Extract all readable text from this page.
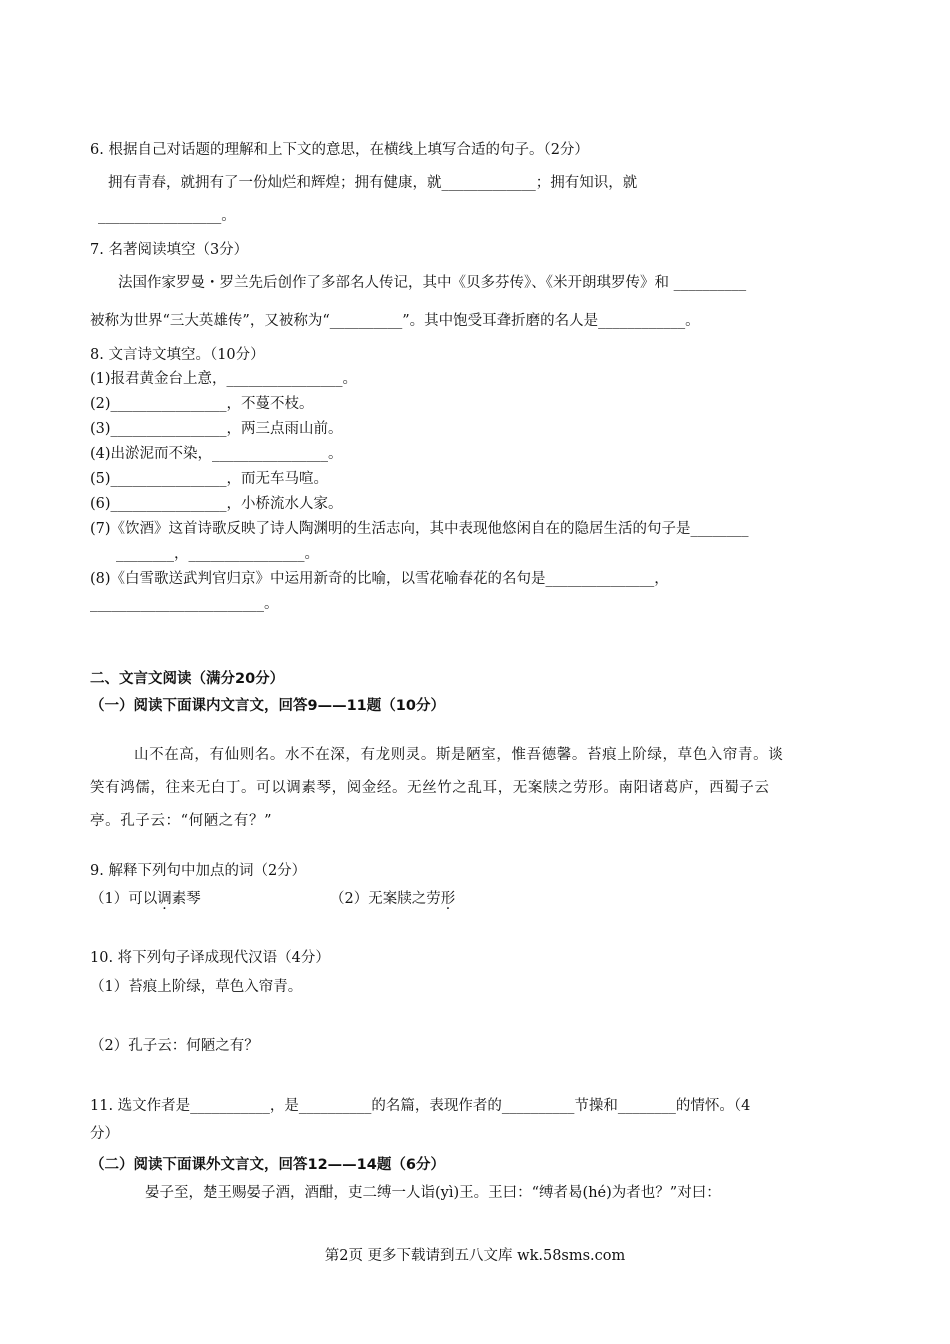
6. 根据自己对话题的理解和上下文的意思，在横线上填写合适的句子。（2分）
拥有青春，就拥有了一份灿烂和辉煌；拥有健康，就_____________；拥有知识，就
_________________。
7. 名著阅读填空（3分）
法国作家罗曼・罗兰先后创作了多部名人传记，其中《贝多芬传》、《米开朗琪罗传》和 __________
被称为世界“三大英雄传”，又被称为“__________”。其中饱受耳聋折磨的名人是____________。
8. 文言诗文填空。（10分）
(1)报君黄金台上意，________________。
(2)________________，不蔓不枝。
(3)________________，两三点雨山前。
(4)出淤泥而不染，________________。
(5)________________，而无车马喧。
(6)________________，小桥流水人家。
(7)《饮酒》这首诗歌反映了诗人陶渊明的生活志向，其中表现他悠闲自在的隐居生活的句子是________
________，________________。
(8)《白雪歌送武判官归京》中运用新奇的比喻，以雪花喻春花的名句是_______________，
________________________。
二、文言文阅读（满分20分）
（一）阅读下面课内文言文，回答9——11题（10分）
山不在高，有仙则名。水不在深，有龙则灵。斯是陋室，惟吾德馨。苔痕上阶绿，草色入帘青。谈
笑有鸿儒，往来无白丁。可以调素琴，阅金经。无丝竹之乱耳，无案牍之劳形。南阳诸葛庐，西蜀子云
亭。孔子云：“何陋之有？”
9. 解释下列句中加点的词（2分）
（1）可以调素琴	（2）无案牍之劳形
10. 将下列句子译成现代汉语（4分）
（1）苔痕上阶绿，草色入帘青。
（2）孔子云：何陋之有？
11. 选文作者是___________，是__________的名篇，表现作者的__________节操和________的情怀。（4
分）
（二）阅读下面课外文言文，回答12——14题（6分）
晏子至，楚王赐晏子酒，酒酣，吏二缚一人诣(yì)王。王曰：“缚者曷(hé)为者也？”对曰：
第2页 更多下载请到五八文库 wk.58sms.com
